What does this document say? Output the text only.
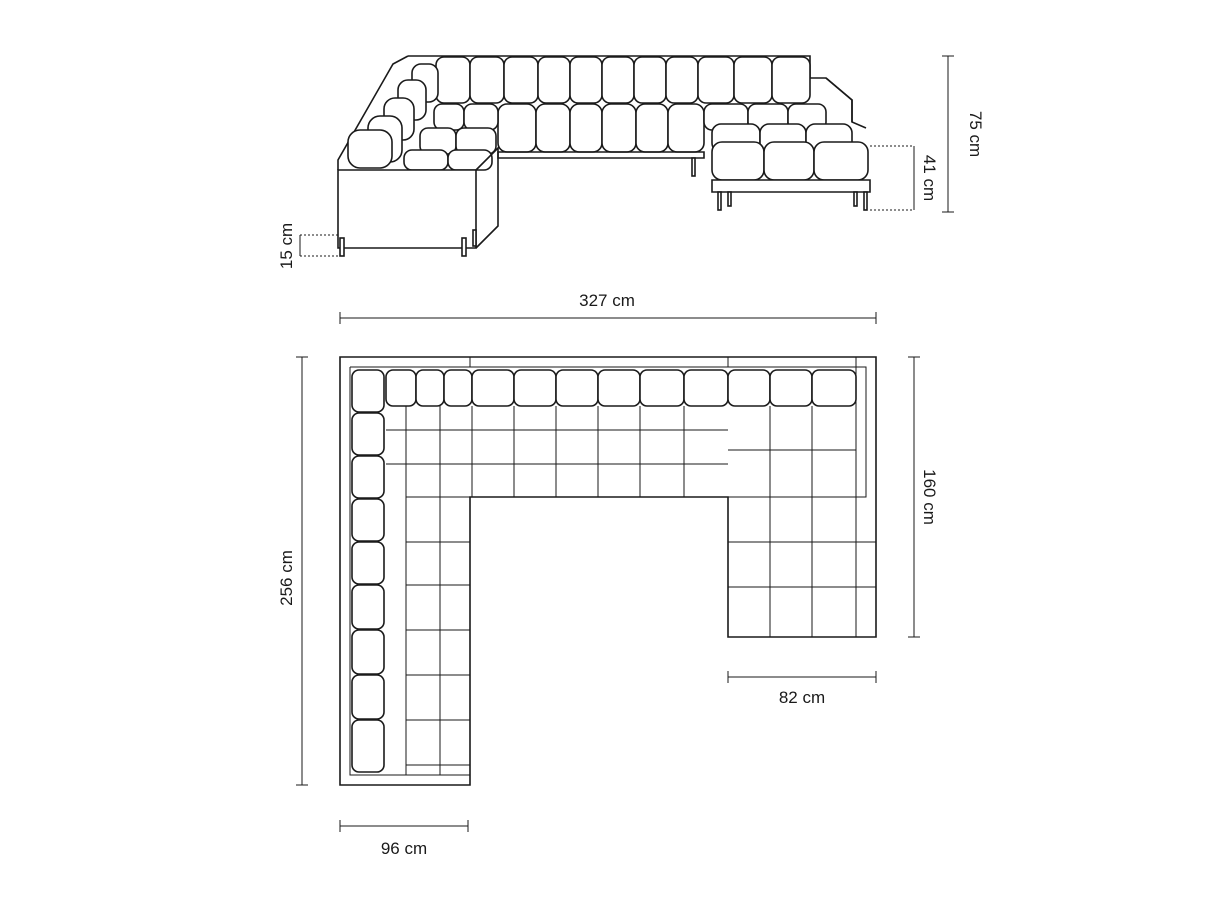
75 cm
41 cm
15 cm
327 cm
256 cm
160 cm
82 cm
96 cm
